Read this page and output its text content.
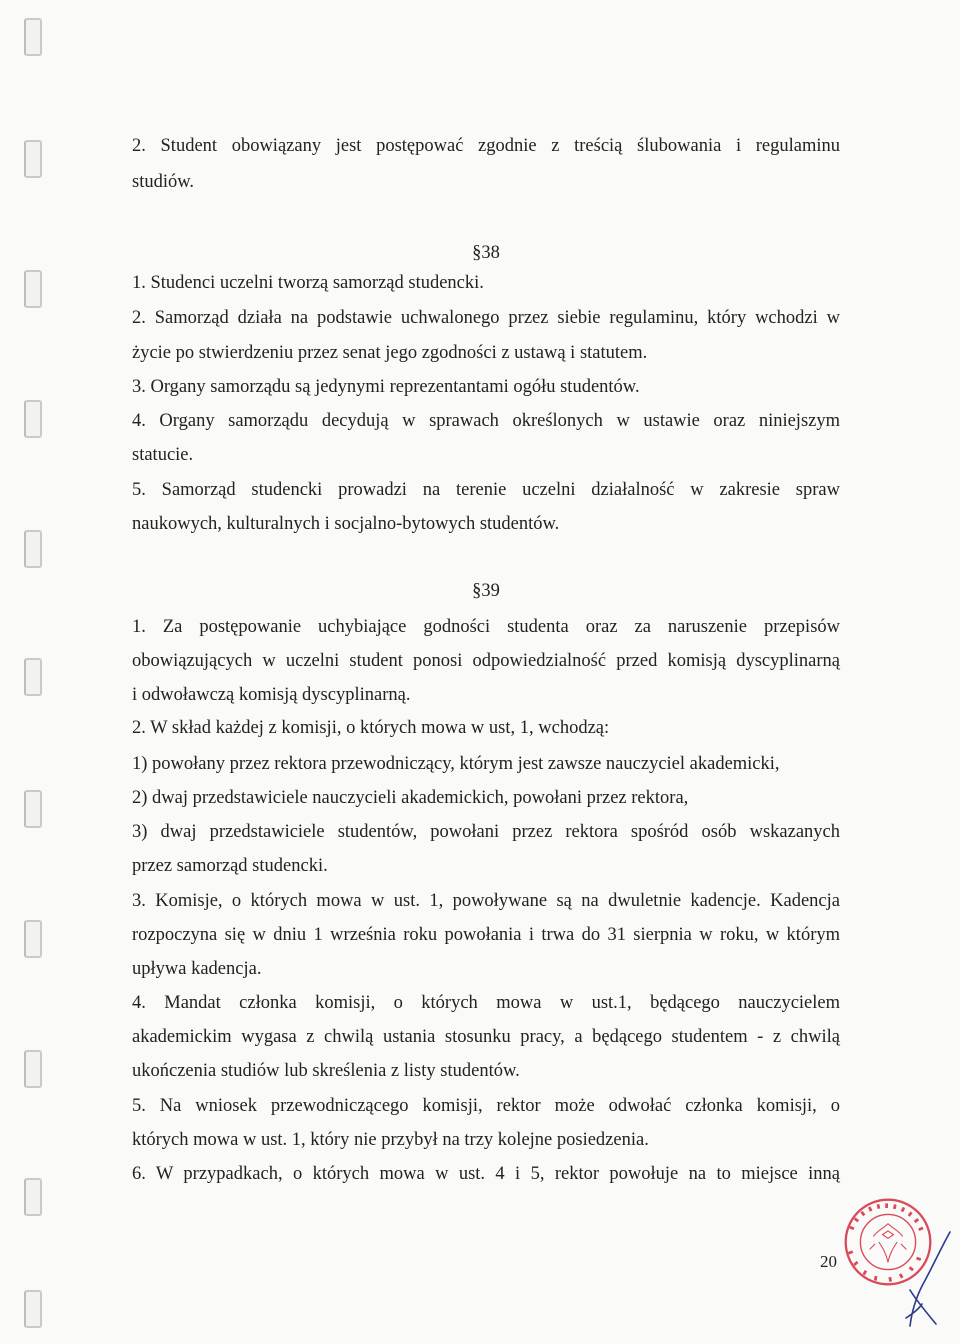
2. Student obowiązany jest postępować zgodnie z treścią ślubowania i regulaminu
studiów.
§38
1. Studenci uczelni tworzą samorząd studencki.
2. Samorząd działa na podstawie uchwalonego przez siebie regulaminu, który wchodzi w
życie po stwierdzeniu przez senat jego zgodności z ustawą i statutem.
3. Organy samorządu są jedynymi reprezentantami ogółu studentów.
4. Organy samorządu decydują w sprawach określonych w ustawie oraz niniejszym
statucie.
5. Samorząd studencki prowadzi na terenie uczelni działalność w zakresie spraw
naukowych, kulturalnych i socjalno-bytowych studentów.
§39
1. Za postępowanie uchybiające godności studenta oraz za naruszenie przepisów
obowiązujących w uczelni student ponosi odpowiedzialność przed komisją dyscyplinarną
i odwoławczą komisją dyscyplinarną.
2. W skład każdej z komisji, o których mowa w ust, 1, wchodzą:
1) powołany przez rektora przewodniczący, którym jest zawsze nauczyciel akademicki,
2) dwaj przedstawiciele nauczycieli akademickich, powołani przez rektora,
3) dwaj przedstawiciele studentów, powołani przez rektora spośród osób wskazanych
przez samorząd studencki.
3. Komisje, o których mowa w ust. 1, powoływane są na dwuletnie kadencje. Kadencja
rozpoczyna się w dniu 1 września roku powołania i trwa do 31 sierpnia w roku, w którym
upływa kadencja.
4. Mandat członka komisji, o których mowa w ust.1, będącego nauczycielem
akademickim wygasa z chwilą ustania stosunku pracy, a będącego studentem - z chwilą
ukończenia studiów lub skreślenia z listy studentów.
5. Na wniosek przewodniczącego komisji, rektor może odwołać członka komisji, o
których mowa w ust. 1, który nie przybył na trzy kolejne posiedzenia.
6. W przypadkach, o których mowa w ust. 4 i 5, rektor powołuje na to miejsce inną
20
